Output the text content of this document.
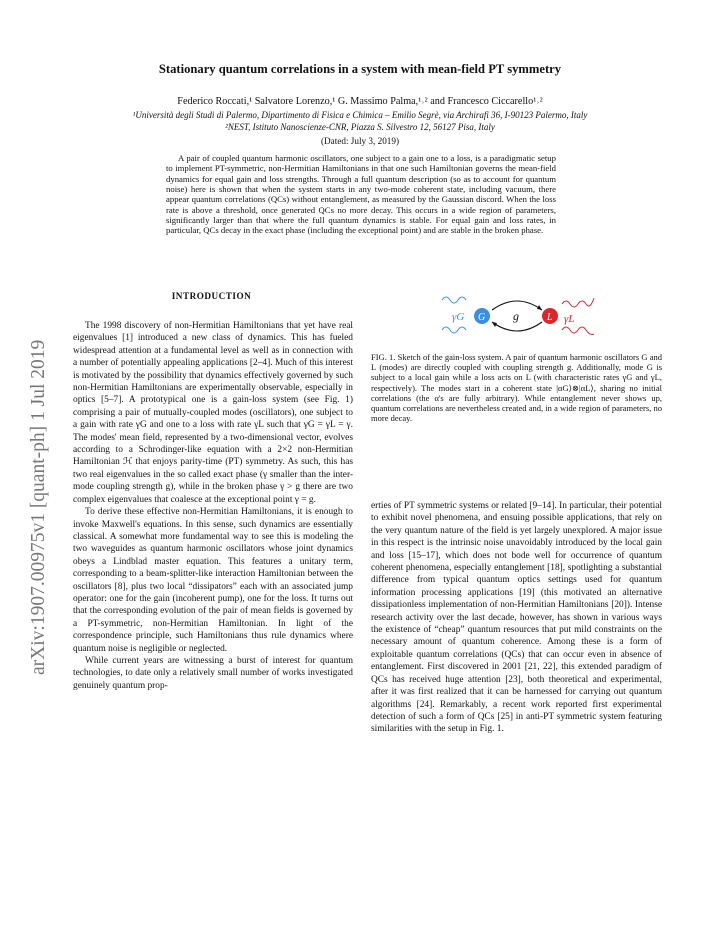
arXiv:1907.00975v1 [quant-ph] 1 Jul 2019
Stationary quantum correlations in a system with mean-field PT symmetry
Federico Roccati,¹ Salvatore Lorenzo,¹ G. Massimo Palma,¹˒² and Francesco Ciccarello¹˒²
¹Università degli Studi di Palermo, Dipartimento di Fisica e Chimica – Emilio Segrè, via Archirafi 36, I-90123 Palermo, Italy
²NEST, Istituto Nanoscienze-CNR, Piazza S. Silvestro 12, 56127 Pisa, Italy
(Dated: July 3, 2019)
A pair of coupled quantum harmonic oscillators, one subject to a gain one to a loss, is a paradigmatic setup to implement PT-symmetric, non-Hermitian Hamiltonians in that one such Hamiltonian governs the mean-field dynamics for equal gain and loss strengths. Through a full quantum description (so as to account for quantum noise) here is shown that when the system starts in any two-mode coherent state, including vacuum, there appear quantum correlations (QCs) without entanglement, as measured by the Gaussian discord. When the loss rate is above a threshold, once generated QCs no more decay. This occurs in a wide region of parameters, significantly larger than that where the full quantum dynamics is stable. For equal gain and loss rates, in particular, QCs decay in the exact phase (including the exceptional point) and are stable in the broken phase.
INTRODUCTION

The 1998 discovery of non-Hermitian Hamiltonians that yet have real eigenvalues [1] introduced a new class of dynamics. This has fueled widespread attention at a fundamental level as well as in connection with a number of potentially appealing applications [2–4]. Much of this interest is motivated by the possibility that dynamics effectively governed by such non-Hermitian Hamiltonians are experimentally observable, especially in optics [5–7]. A prototypical one is a gain-loss system (see Fig. 1) comprising a pair of mutually-coupled modes (oscillators), one subject to a gain with rate γG and one to a loss with rate γL such that γG = γL = γ. The modes' mean field, represented by a two-dimensional vector, evolves according to a Schrodinger-like equation with a 2×2 non-Hermitian Hamiltonian ℋ that enjoys parity-time (PT) symmetry. As such, this has two real eigenvalues in the so called exact phase (γ smaller than the inter-mode coupling strength g), while in the broken phase γ > g there are two complex eigenvalues that coalesce at the exceptional point γ = g.

To derive these effective non-Hermitian Hamiltonians, it is enough to invoke Maxwell's equations. In this sense, such dynamics are essentially classical. A somewhat more fundamental way to see this is modeling the two waveguides as quantum harmonic oscillators whose joint dynamics obeys a Lindblad master equation. This features a unitary term, corresponding to a beam-splitter-like interaction Hamiltonian between the oscillators [8], plus two local “dissipators” each with an associated jump operator: one for the gain (incoherent pump), one for the loss. It turns out that the corresponding evolution of the pair of mean fields is governed by a PT-symmetric, non-Hermitian Hamiltonian. In light of the correspondence principle, such Hamiltonians thus rule dynamics where quantum noise is negligible or neglected.

While current years are witnessing a burst of interest for quantum technologies, to date only a relatively small number of works investigated genuinely quantum prop-

γG G g	L γL

FIG. 1. Sketch of the gain-loss system. A pair of quantum harmonic oscillators G and L (modes) are directly coupled with coupling strength g. Additionally, mode G is subject to a local gain while a loss acts on L (with characteristic rates γG and γL, respectively). The modes start in a coherent state |αG⟩⊗|αL⟩, sharing no initial correlations (the α's are fully arbitrary). While entanglement never shows up, quantum correlations are nevertheless created and, in a wide region of parameters, no more decay.

erties of PT symmetric systems or related [9–14]. In particular, their potential to exhibit novel phenomena, and ensuing possible applications, that rely on the very quantum nature of the field is yet largely unexplored. A major issue in this respect is the intrinsic noise unavoidably introduced by the local gain and loss [15–17], which does not bode well for occurrence of quantum coherent phenomena, especially entanglement [18], spotlighting a substantial difference from typical quantum optics settings used for quantum information processing applications [19] (this motivated an alternative dissipationless implementation of non-Hermitian Hamiltonians [20]). Intense research activity over the last decade, however, has shown in various ways the existence of “cheap” quantum resources that put mild constraints on the necessary amount of quantum coherence. Among these is a form of exploitable quantum correlations (QCs) that can occur even in absence of entanglement. First discovered in 2001 [21, 22], this extended paradigm of QCs has received huge attention [23], both theoretical and experimental, after it was first realized that it can be harnessed for carrying out quantum algorithms [24]. Remarkably, a recent work reported first experimental detection of such a form of QCs [25] in anti-PT symmetric system featuring similarities with the setup in Fig. 1.
